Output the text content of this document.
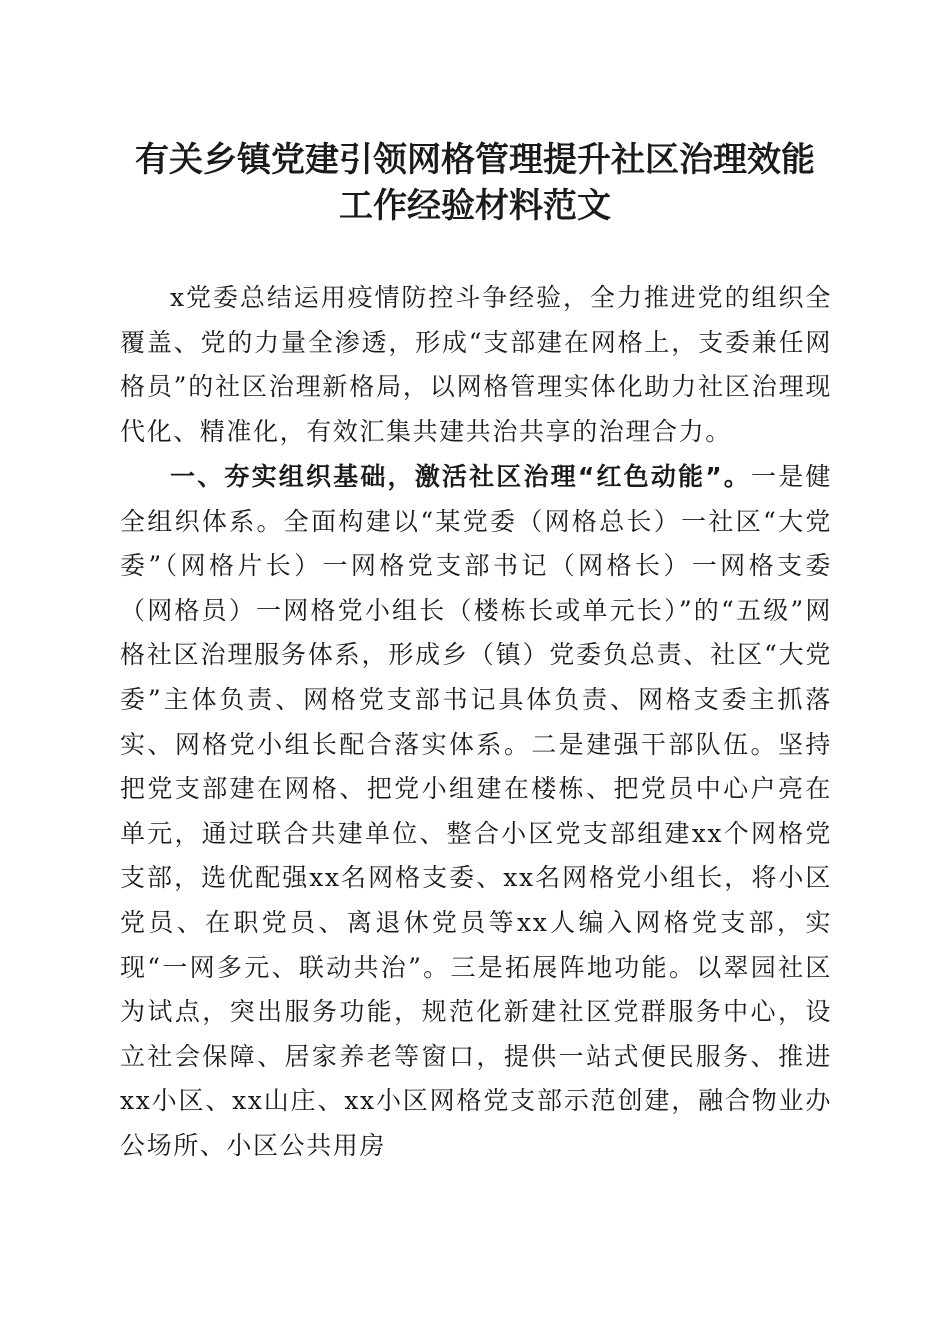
有关乡镇党建引领网格管理提升社区治理效能
工作经验材料范文

x党委总结运用疫情防控斗争经验，全力推进党的组织全覆盖、党的力量全渗透，形成“支部建在网格上，支委兼任网格员”的社区治理新格局，以网格管理实体化助力社区治理现代化、精准化，有效汇集共建共治共享的治理合力。

一、夯实组织基础，激活社区治理“红色动能”。一是健全组织体系。全面构建以“某党委（网格总长）一社区“大党委”（网格片长）一网格党支部书记（网格长）一网格支委（网格员）一网格党小组长（楼栋长或单元长）”的“五级”网格社区治理服务体系，形成乡（镇）党委负总责、社区“大党委”主体负责、网格党支部书记具体负责、网格支委主抓落实、网格党小组长配合落实体系。二是建强干部队伍。坚持把党支部建在网格、把党小组建在楼栋、把党员中心户亮在单元，通过联合共建单位、整合小区党支部组建xx个网格党支部，选优配强xx名网格支委、xx名网格党小组长，将小区党员、在职党员、离退休党员等xx人编入网格党支部，实现“一网多元、联动共治”。三是拓展阵地功能。以翠园社区为试点，突出服务功能，规范化新建社区党群服务中心，设立社会保障、居家养老等窗口，提供一站式便民服务、推进xx小区、xx山庄、xx小区网格党支部示范创建，融合物业办公场所、小区公共用房
